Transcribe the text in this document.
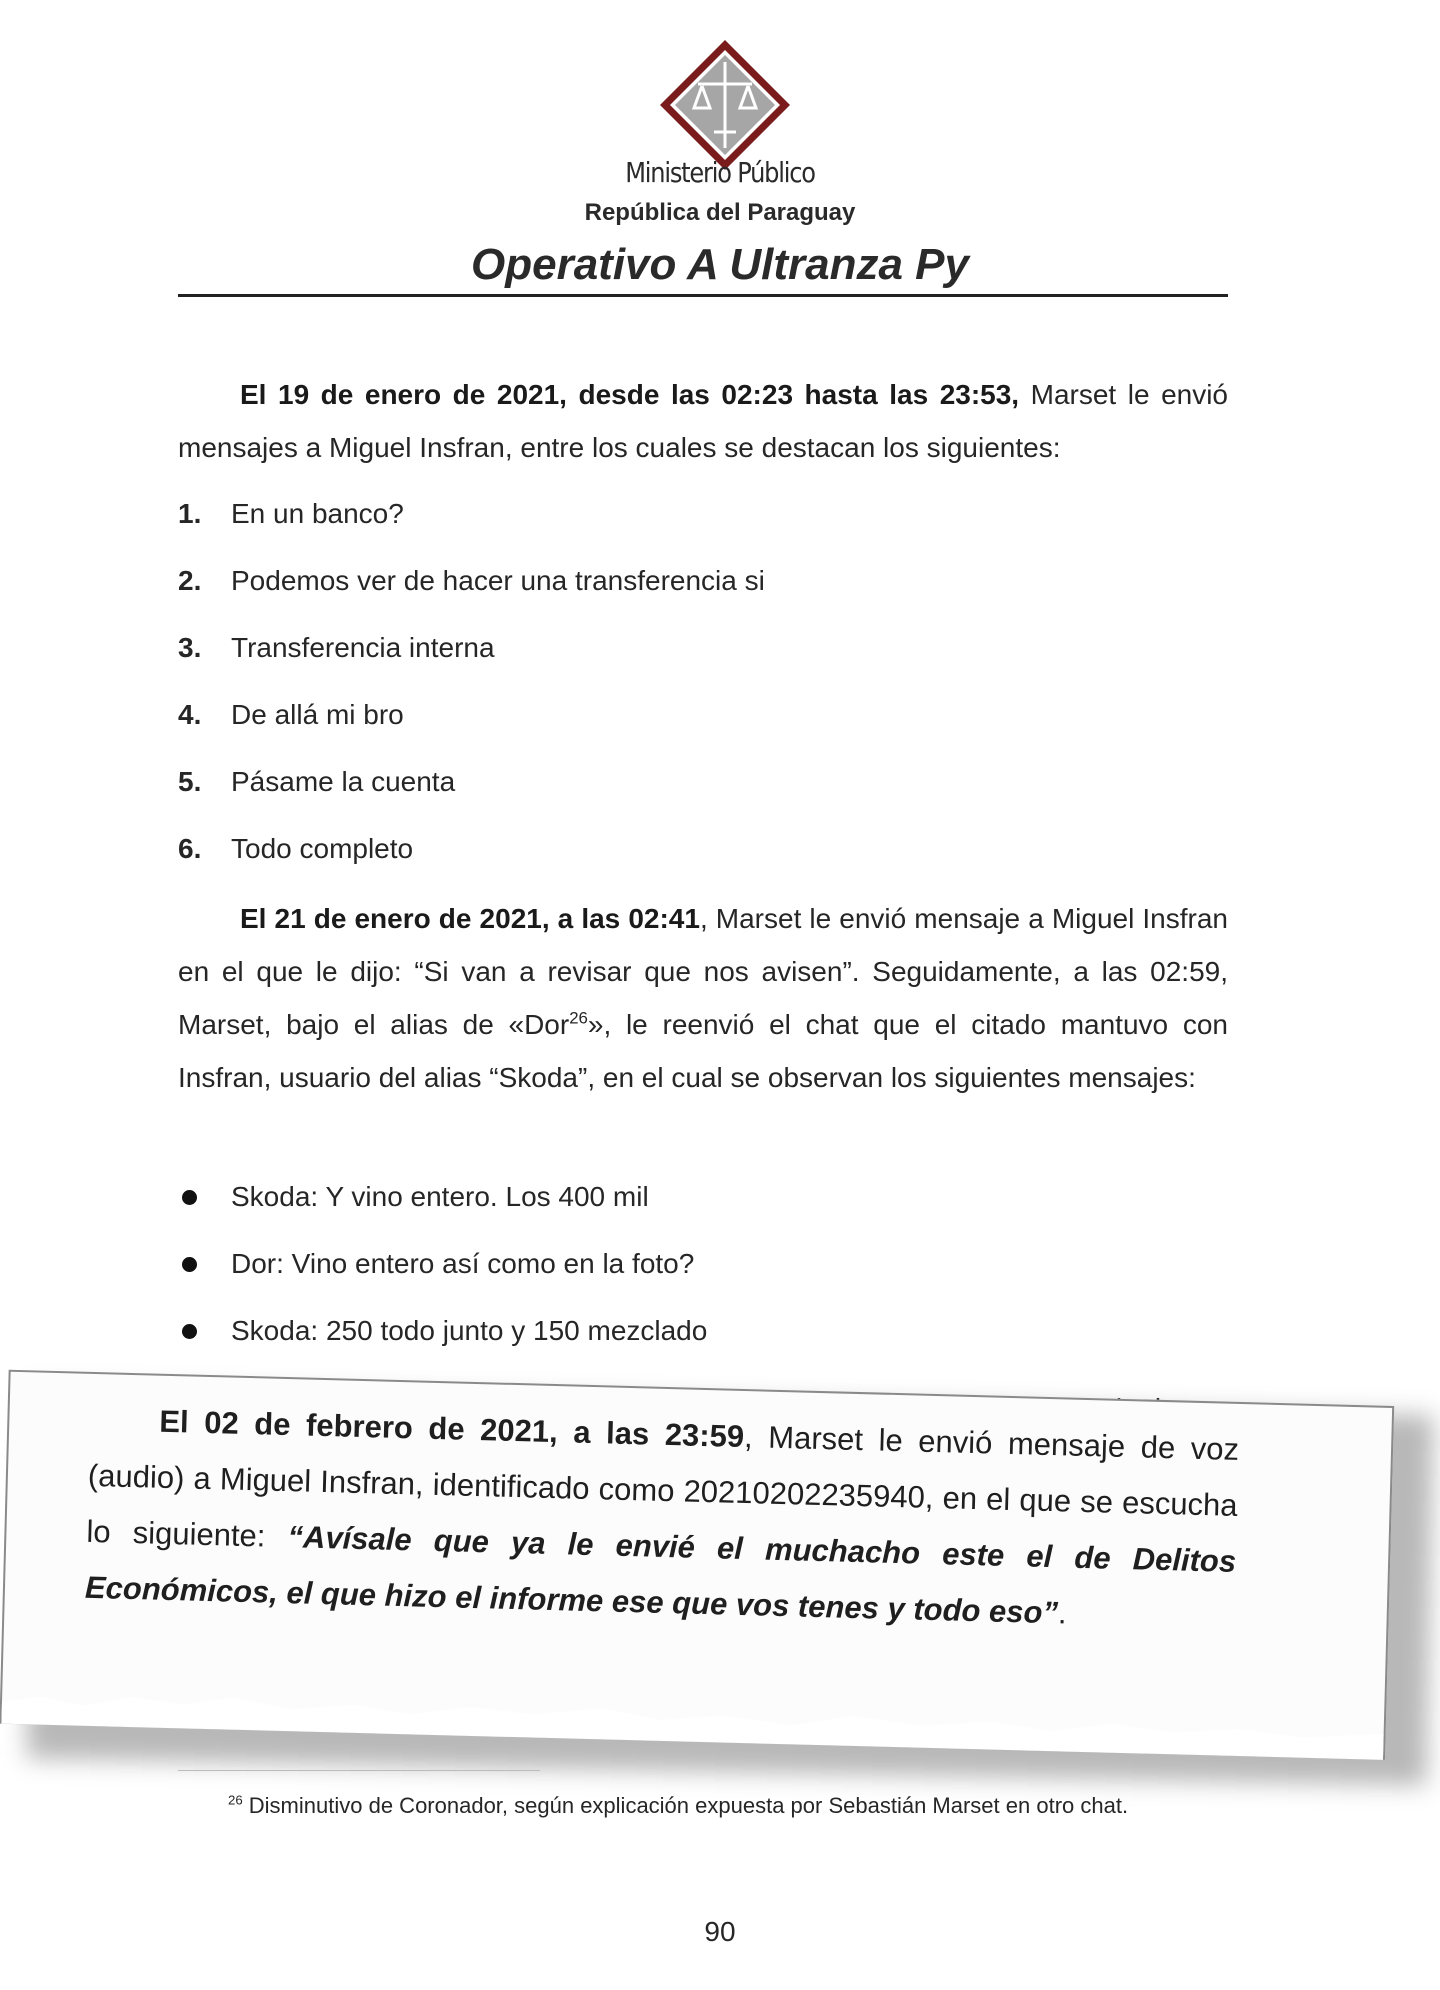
Ministerio Público
República del Paraguay
Operativo A Ultranza Py
El 19 de enero de 2021, desde las 02:23 hasta las 23:53, Marset le envió mensajes a Miguel Insfran, entre los cuales se destacan los siguientes:
1. En un banco?
2. Podemos ver de hacer una transferencia si
3. Transferencia interna
4. De allá mi bro
5. Pásame la cuenta
6. Todo completo
El 21 de enero de 2021, a las 02:41, Marset le envió mensaje a Miguel Insfran en el que le dijo: “Si van a revisar que nos avisen”. Seguidamente, a las 02:59, Marset, bajo el alias de «Dor$^{26}$», le reenvió el chat que el citado mantuvo con Insfran, usuario del alias “Skoda”, en el cual se observan los siguientes mensajes:
Skoda: Y vino entero. Los 400 mil
Dor: Vino entero así como en la foto?
Skoda: 250 todo junto y 150 mezclado
El 02 de febrero de 2021, a las 23:59, Marset le envió mensaje de voz (audio) a Miguel Insfran, identificado como 20210202235940, en el que se escucha lo siguiente: “Avísale que ya le envié el muchacho este el de Delitos Económicos, el que hizo el informe ese que vos tenes y todo eso”.
$^{26}$ Disminutivo de Coronador, según explicación expuesta por Sebastián Marset en otro chat.
90
